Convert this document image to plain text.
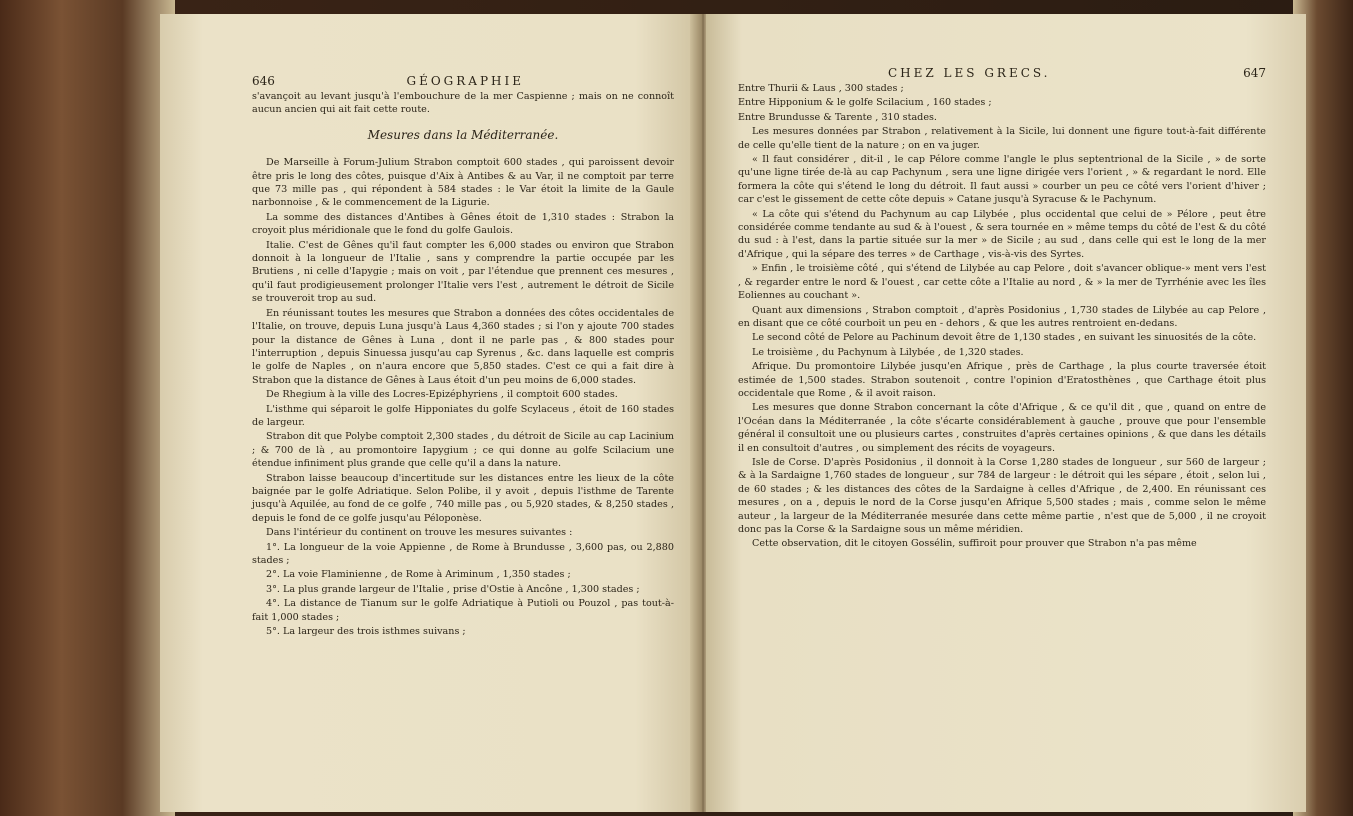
646	GÉOGRAPHIE

s'avançoit au levant jusqu'à l'embouchure de la mer Caspienne ; mais on ne connoît aucun ancien qui ait fait cette route.

Mesures dans la Méditerranée.

De Marseille à Forum-Julium Strabon comptoit 600 stades , qui paroissent devoir être pris le long des côtes, puisque d'Aix à Antibes & au Var, il ne comptoit par terre que 73 mille pas , qui répondent à 584 stades : le Var étoit la limite de la Gaule narbonnoise , & le commencement de la Ligurie.

La somme des distances d'Antibes à Gênes étoit de 1,310 stades : Strabon la croyoit plus méridionale que le fond du golfe Gaulois.

Italie. C'est de Gênes qu'il faut compter les 6,000 stades ou environ que Strabon donnoit à la longueur de l'Italie , sans y comprendre la partie occupée par les Brutiens , ni celle d'Iapygie ; mais on voit , par l'étendue que prennent ces mesures , qu'il faut prodigieusement prolonger l'Italie vers l'est , autrement le détroit de Sicile se trouveroit trop au sud.

En réunissant toutes les mesures que Strabon a données des côtes occidentales de l'Italie, on trouve, depuis Luna jusqu'à Laus 4,360 stades ; si l'on y ajoute 700 stades pour la distance de Gênes à Luna , dont il ne parle pas , & 800 stades pour l'interruption , depuis Sinuessa jusqu'au cap Syrenus , &c. dans laquelle est compris le golfe de Naples , on n'aura encore que 5,850 stades. C'est ce qui a fait dire à Strabon que la distance de Gênes à Laus étoit d'un peu moins de 6,000 stades.

De Rhegium à la ville des Locres-Epizéphyriens , il comptoit 600 stades.

L'isthme qui séparoit le golfe Hipponiates du golfe Scylaceus , étoit de 160 stades de largeur.

Strabon dit que Polybe comptoit 2,300 stades , du détroit de Sicile au cap Lacinium ; & 700 de là , au promontoire Iapygium ; ce qui donne au golfe Scilacium une étendue infiniment plus grande que celle qu'il a dans la nature.

Strabon laisse beaucoup d'incertitude sur les distances entre les lieux de la côte baignée par le golfe Adriatique. Selon Polibe, il y avoit , depuis l'isthme de Tarente jusqu'à Aquilée, au fond de ce golfe , 740 mille pas , ou 5,920 stades, & 8,250 stades , depuis le fond de ce golfe jusqu'au Péloponèse.

Dans l'intérieur du continent on trouve les mesures suivantes :

1°. La longueur de la voie Appienne , de Rome à Brundusse , 3,600 pas, ou 2,880 stades ;

2°. La voie Flaminienne , de Rome à Ariminum , 1,350 stades ;

3°. La plus grande largeur de l'Italie , prise d'Ostie à Ancône , 1,300 stades ;

4°. La distance de Tianum sur le golfe Adriatique à Putioli ou Pouzol , pas tout-à-fait 1,000 stades ;

5°. La largeur des trois isthmes suivans ;

CHEZ LES GRECS.	647

Entre Thurii & Laus , 300 stades ;

Entre Hipponium & le golfe Scilacium , 160 stades ;

Entre Brundusse & Tarente , 310 stades.

Les mesures données par Strabon , relativement à la Sicile, lui donnent une figure tout-à-fait différente de celle qu'elle tient de la nature ; on en va juger.

« Il faut considérer , dit-il , le cap Pélore comme l'angle le plus septentrional de la Sicile , » de sorte qu'une ligne tirée de-là au cap Pachynum , sera une ligne dirigée vers l'orient , » & regardant le nord. Elle formera la côte qui s'étend le long du détroit. Il faut aussi » courber un peu ce côté vers l'orient d'hiver ; car c'est le gissement de cette côte depuis » Catane jusqu'à Syracuse & le Pachynum.

« La côte qui s'étend du Pachynum au cap Lilybée , plus occidental que celui de » Pélore , peut être considérée comme tendante au sud & à l'ouest , & sera tournée en » même temps du côté de l'est & du côté du sud : à l'est, dans la partie située sur la mer » de Sicile ; au sud , dans celle qui est le long de la mer d'Afrique , qui la sépare des terres » de Carthage , vis-à-vis des Syrtes.

» Enfin , le troisième côté , qui s'étend de Lilybée au cap Pelore , doit s'avancer oblique-» ment vers l'est , & regarder entre le nord & l'ouest , car cette côte a l'Italie au nord , & » la mer de Tyrrhénie avec les îles Eoliennes au couchant ».

Quant aux dimensions , Strabon comptoit , d'après Posidonius , 1,730 stades de Lilybée au cap Pelore , en disant que ce côté courboit un peu en - dehors , & que les autres rentroient en-dedans.

Le second côté de Pelore au Pachinum devoit être de 1,130 stades , en suivant les sinuosités de la côte.

Le troisième , du Pachynum à Lilybée , de 1,320 stades.

Afrique. Du promontoire Lilybée jusqu'en Afrique , près de Carthage , la plus courte traversée étoit estimée de 1,500 stades. Strabon soutenoit , contre l'opinion d'Eratosthènes , que Carthage étoit plus occidentale que Rome , & il avoit raison.

Les mesures que donne Strabon concernant la côte d'Afrique , & ce qu'il dit , que , quand on entre de l'Océan dans la Méditerranée , la côte s'écarte considérablement à gauche , prouve que pour l'ensemble général il consultoit une ou plusieurs cartes , construites d'après certaines opinions , & que dans les détails il en consultoit d'autres , ou simplement des récits de voyageurs.

Isle de Corse. D'après Posidonius , il donnoit à la Corse 1,280 stades de longueur , sur 560 de largeur ; & à la Sardaigne 1,760 stades de longueur , sur 784 de largeur : le détroit qui les sépare , étoit , selon lui , de 60 stades ; & les distances des côtes de la Sardaigne à celles d'Afrique , de 2,400. En réunissant ces mesures , on a , depuis le nord de la Corse jusqu'en Afrique 5,500 stades ; mais , comme selon le même auteur , la largeur de la Méditerranée mesurée dans cette même partie , n'est que de 5,000 , il ne croyoit donc pas la Corse & la Sardaigne sous un même méridien.

Cette observation, dit le citoyen Gossélin, suffiroit pour prouver que Strabon n'a pas même
